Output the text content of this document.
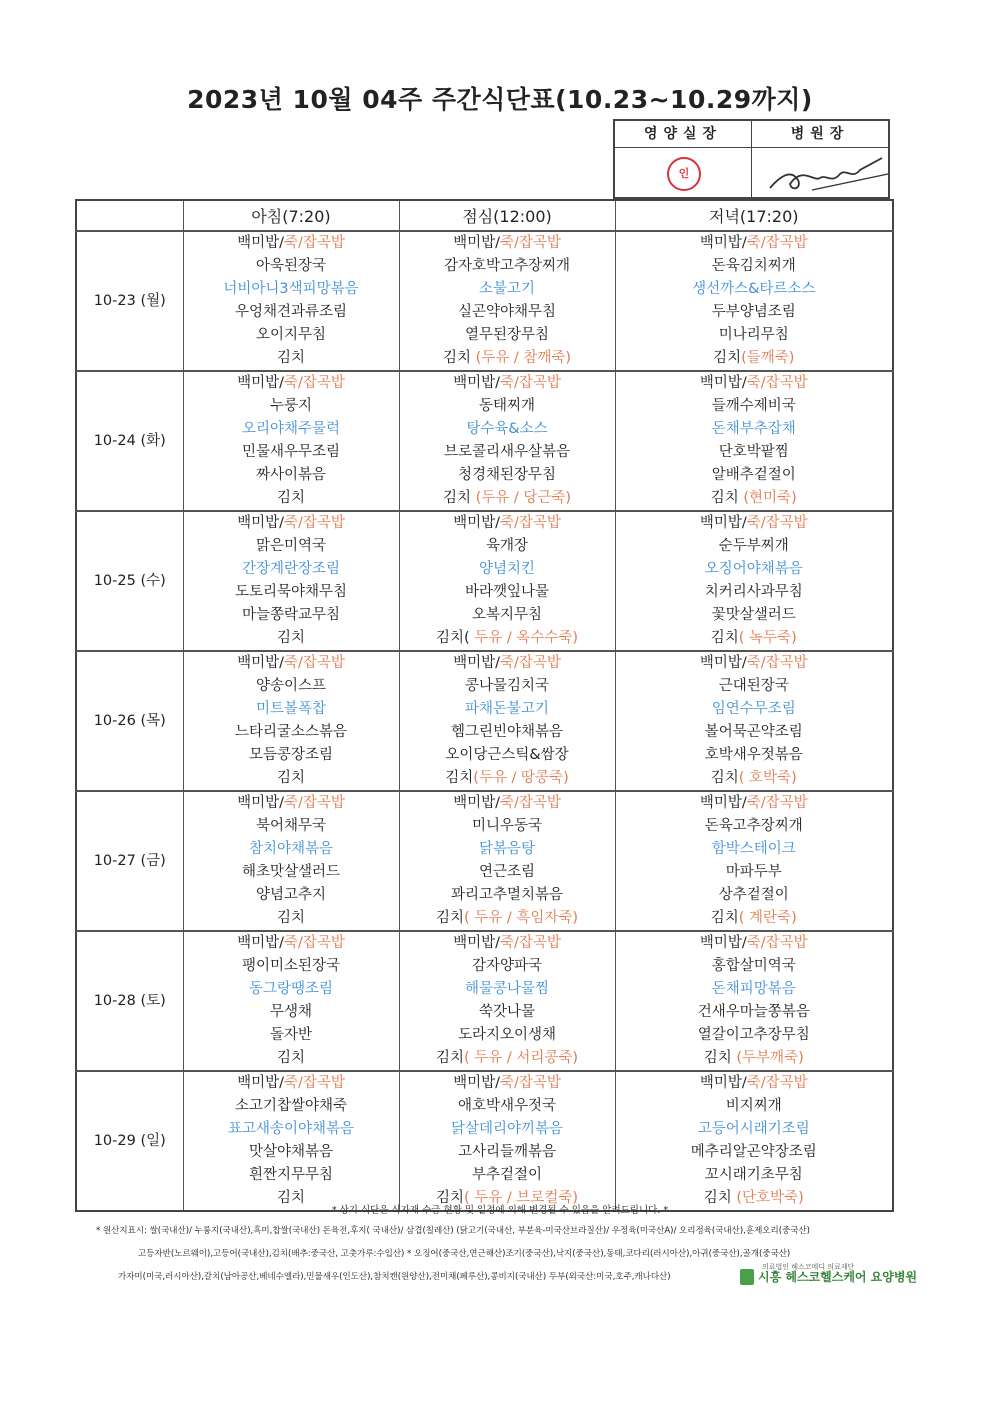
2023년 10월 04주 주간식단표(10.23~10.29까지)
영양실장
인
병원장
	아침(7:20)	점심(12:00)	저녁(17:20)
10-23 (월)	백미밥/죽/잡곡밥	백미밥/죽/잡곡밥	백미밥/죽/잡곡밥
	아욱된장국	감자호박고추장찌개	돈육김치찌개
	너비아니3색피망볶음	소불고기	생선까스&타르소스
	우엉채견과류조림	실곤약야채무침	두부양념조림
	오이지무침	열무된장무침	미나리무침
	김치	김치 (두유 / 참깨죽)	김치(들깨죽)
10-24 (화)	백미밥/죽/잡곡밥	백미밥/죽/잡곡밥	백미밥/죽/잡곡밥
	누룽지	동태찌개	들깨수제비국
	오리야채주물럭	탕수육&소스	돈채부추잡채
	민물새우무조림	브로콜리새우살볶음	단호박팥찜
	짜사이볶음	청경채된장무침	알배추겉절이
	김치	김치 (두유 / 당근죽)	김치 (현미죽)
10-25 (수)	백미밥/죽/잡곡밥	백미밥/죽/잡곡밥	백미밥/죽/잡곡밥
	맑은미역국	육개장	순두부찌개
	간장계란장조림	양념치킨	오징어야채볶음
	도토리묵야채무침	바라깻잎나물	치커리사과무침
	마늘쫑락교무침	오복지무침	꽃맛살샐러드
	김치	김치( 두유 / 옥수수죽)	김치( 녹두죽)
10-26 (목)	백미밥/죽/잡곡밥	백미밥/죽/잡곡밥	백미밥/죽/잡곡밥
	양송이스프	콩나물김치국	근대된장국
	미트볼폭찹	파채돈불고기	임연수무조림
	느타리굴소스볶음	헴그린빈야채볶음	볼어묵곤약조림
	모듬콩장조림	오이당근스틱&쌈장	호박새우젓볶음
	김치	김치(두유 / 땅콩죽)	김치( 호박죽)
10-27 (금)	백미밥/죽/잡곡밥	백미밥/죽/잡곡밥	백미밥/죽/잡곡밥
	북어채무국	미니우동국	돈육고추장찌개
	참치야채볶음	닭볶음탕	함박스테이크
	해초맛살샐러드	연근조림	마파두부
	양념고추지	꽈리고추멸치볶음	상추겉절이
	김치	김치( 두유 / 흑임자죽)	김치( 계란죽)
10-28 (토)	백미밥/죽/잡곡밥	백미밥/죽/잡곡밥	백미밥/죽/잡곡밥
	팽이미소된장국	감자양파국	홍합살미역국
	동그랑땡조림	해물콩나물찜	돈채피망볶음
	무생채	쑥갓나물	건새우마늘쫑볶음
	돌자반	도라지오이생채	열갈이고추장무침
	김치	김치( 두유 / 서리콩죽)	김치 (두부깨죽)
10-29 (일)	백미밥/죽/잡곡밥	백미밥/죽/잡곡밥	백미밥/죽/잡곡밥
	소고기찹쌀야채죽	애호박새우젓국	비지찌개
	표고새송이야채볶음	닭살데리야끼볶음	고등어시래기조림
	맛살야채볶음	고사리들깨볶음	메추리알곤약장조림
	흰짠지무무침	부추겉절이	꼬시래기초무침
	김치	김치( 두유 / 브로컬죽)	김치 (단호박죽)
* 상기 식단은 식자재 수급 현황 및 일정에 의해 변경될 수 있음을 알려드립니다. *
* 원산지표시: 쌀(국내산)/ 누룽지(국내산),흑미,찹쌀(국내산) 돈육전,후지( 국내산)/ 삼겹(칠레산) (닭고기(국내산, 부분육-미국산브라질산)/ 우정육(미국산A)/ 오리정육(국내산),훈제오리(중국산)
고등자반(노르웨이),고등어(국내산),김치(배추:중국산, 고춧가루:수입산) * 오징어(중국산,연근해산)조기(중국산),낙지(중국산),동태,코다리(러시아산),아귀(중국산),골개(중국산)
가자미(미국,러시아산),갈치(남아공산,베네수엘라),민물새우(인도산),참치캔(원양산),전미채(페루산),콩비지(국내산) 두부(외국산:미국,호주,캐나다산)
의료법인 헤스코메디 의료재단
시흥 헤스코헬스케어 요양병원
